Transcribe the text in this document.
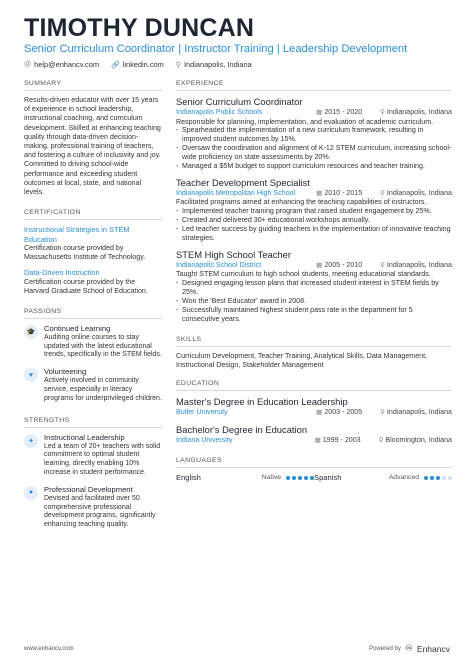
TIMOTHY DUNCAN
Senior Curriculum Coordinator | Instructor Training | Leadership Development
@ help@enhancv.com 🔗 linkedin.com ⚲ Indianapolis, Indiana
SUMMARY
Results-driven educator with over 15 years of experience in school leadership, instructional coaching, and curriculum development. Skilled at enhancing teaching quality through data-driven decision-making, professional training of teachers, and fostering a culture of inclusivity and joy. Committed to driving school-wide performance and exceeding student outcomes at local, state, and national levels.
CERTIFICATION
Instructional Strategies in STEM Education
Certification course provided by Massachusetts Institute of Technology.
Data-Driven Instruction
Certification course provided by the Harvard Graduate School of Education.
PASSIONS
🎓	Continued Learning
Auditing online courses to stay updated with the latest educational trends, specifically in the STEM fields.
♥	Volunteering
Actively involved in community service, especially in literacy programs for underprivileged children.
STRENGTHS
✦	Instructional Leadership
Led a team of 20+ teachers with solid commitment to optimal student learning, directly enabling 10% increase in student performance.
●	Professional Development
Devised and facilitated over 50 comprehensive professional development programs, significantly enhancing teaching quality.
EXPERIENCE
Senior Curriculum Coordinator
Indianapolis Public Schools	▦ 2015 - 2020	⚲ Indianapolis, Indiana
Responsible for planning, implementation, and evaluation of academic curriculum.
- Spearheaded the implementation of a new curriculum framework, resulting in improved student outcomes by 15%.
- Oversaw the coordination and alignment of K-12 STEM curriculum, increasing school-wide proficiency on state assessments by 20%.
- Managed a $5M budget to support curriculum resources and teacher training.
Teacher Development Specialist
Indianapolis Metropolitan High School	▦ 2010 - 2015	⚲ Indianapolis, Indiana
Facilitated programs aimed at enhancing the teaching capabilities of instructors.
- Implemented teacher training program that raised student engagement by 25%.
- Created and delivered 30+ educational workshops annually.
- Led teacher success by guiding teachers in the implementation of innovative teaching strategies.
STEM High School Teacher
Indianapolis School District	▦ 2005 - 2010	⚲ Indianapolis, Indiana
Taught STEM curriculum to high school students, meeting educational standards.
- Designed engaging lesson plans that increased student interest in STEM fields by 25%.
- Won the 'Best Educator' award in 2008.
- Successfully maintained highest student pass rate in the department for 5 consecutive years.
SKILLS
Curriculum Development, Teacher Training, Analytical Skills, Data Management, Instructional Design, Stakeholder Management
EDUCATION
Master's Degree in Education Leadership
Butler University	▦ 2003 - 2005	⚲ Indianapolis, Indiana
Bachelor's Degree in Education
Indiana University	▦ 1999 - 2003	⚲ Bloomington, Indiana
LANGUAGES
English	Native	Spanish	Advanced
www.enhancv.com	Powered by ♾ Enhancv
